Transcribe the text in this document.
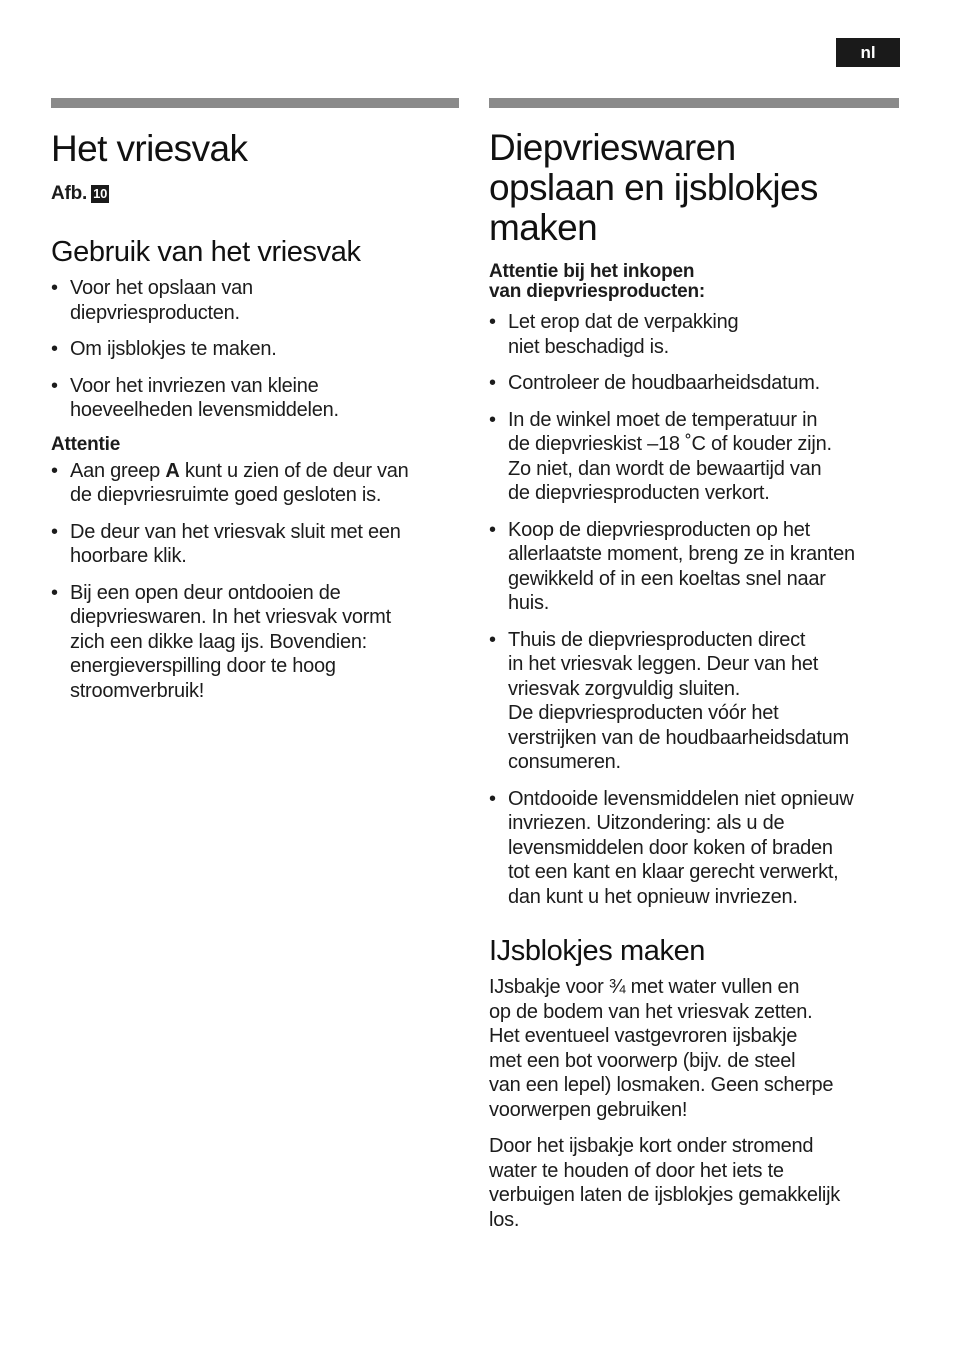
nl
Het vriesvak
Afb. 10
Gebruik van het vriesvak
• Voor het opslaan van
diepvriesproducten.
• Om ijsblokjes te maken.
• Voor het invriezen van kleine
hoeveelheden levensmiddelen.
Attentie
• Aan greep A kunt u zien of de deur van
de diepvriesruimte goed gesloten is.
• De deur van het vriesvak sluit met een
hoorbare klik.
• Bij een open deur ontdooien de
diepvrieswaren. In het vriesvak vormt
zich een dikke laag ijs. Bovendien:
energieverspilling door te hoog
stroomverbruik!
Diepvrieswaren
opslaan en ijsblokjes
maken
Attentie bij het inkopen
van diepvriesproducten:
• Let erop dat de verpakking
niet beschadigd is.
• Controleer de houdbaarheidsdatum.
• In de winkel moet de temperatuur in
de diepvrieskist –18 ˚C of kouder zijn.
Zo niet, dan wordt de bewaartijd van
de diepvriesproducten verkort.
• Koop de diepvriesproducten op het
allerlaatste moment, breng ze in kranten
gewikkeld of in een koeltas snel naar
huis.
• Thuis de diepvriesproducten direct
in het vriesvak leggen. Deur van het
vriesvak zorgvuldig sluiten.
De diepvriesproducten vóór het
verstrijken van de houdbaarheidsdatum
consumeren.
• Ontdooide levensmiddelen niet opnieuw
invriezen. Uitzondering: als u de
levensmiddelen door koken of braden
tot een kant en klaar gerecht verwerkt,
dan kunt u het opnieuw invriezen.
IJsblokjes maken

IJsbakje voor ¾ met water vullen en
op de bodem van het vriesvak zetten.
Het eventueel vastgevroren ijsbakje
met een bot voorwerp (bijv. de steel
van een lepel) losmaken. Geen scherpe
voorwerpen gebruiken!

Door het ijsbakje kort onder stromend
water te houden of door het iets te
verbuigen laten de ijsblokjes gemakkelijk
los.
